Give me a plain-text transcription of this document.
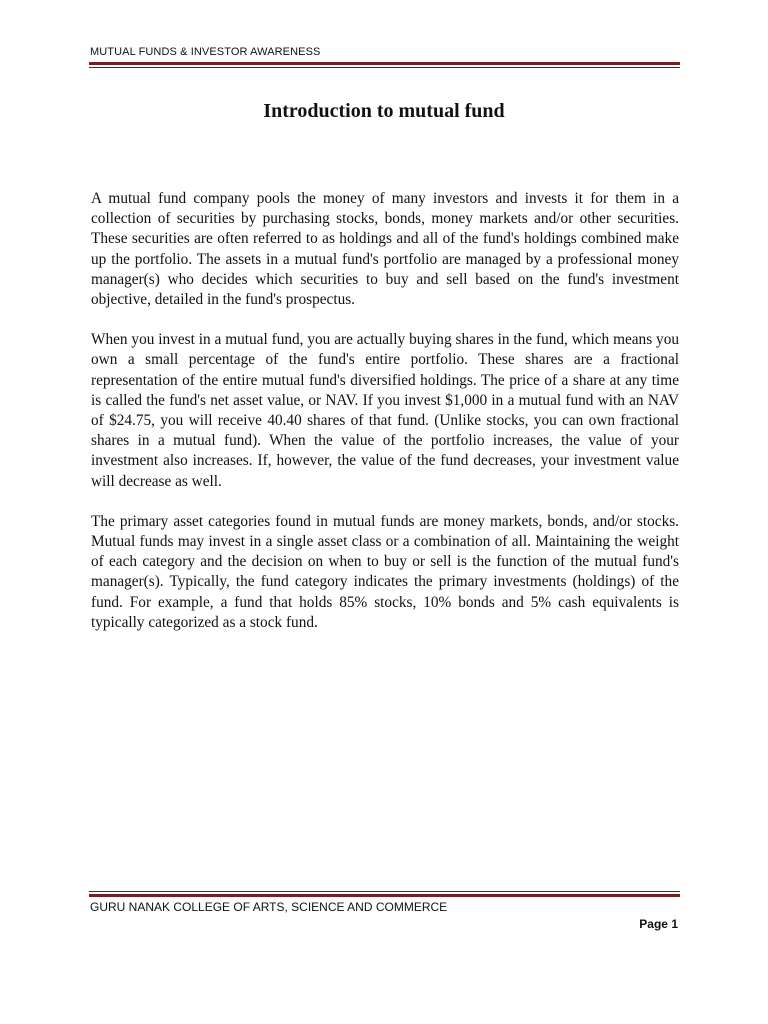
MUTUAL FUNDS & INVESTOR AWARENESS
Introduction to mutual fund

A mutual fund company pools the money of many investors and invests it for them in a collection of securities by purchasing stocks, bonds, money markets and/or other securities. These securities are often referred to as holdings and all of the fund's holdings combined make up the portfolio. The assets in a mutual fund's portfolio are managed by a professional money manager(s) who decides which securities to buy and sell based on the fund's investment objective, detailed in the fund's prospectus.

When you invest in a mutual fund, you are actually buying shares in the fund, which means you own a small percentage of the fund's entire portfolio. These shares are a fractional representation of the entire mutual fund's diversified holdings. The price of a share at any time is called the fund's net asset value, or NAV. If you invest $1,000 in a mutual fund with an NAV of $24.75, you will receive 40.40 shares of that fund. (Unlike stocks, you can own fractional shares in a mutual fund). When the value of the portfolio increases, the value of your investment also increases. If, however, the value of the fund decreases, your investment value will decrease as well.

The primary asset categories found in mutual funds are money markets, bonds, and/or stocks. Mutual funds may invest in a single asset class or a combination of all. Maintaining the weight of each category and the decision on when to buy or sell is the function of the mutual fund's manager(s). Typically, the fund category indicates the primary investments (holdings) of the fund. For example, a fund that holds 85% stocks, 10% bonds and 5% cash equivalents is typically categorized as a stock fund.

GURU NANAK COLLEGE OF ARTS, SCIENCE AND COMMERCE
Page 1
